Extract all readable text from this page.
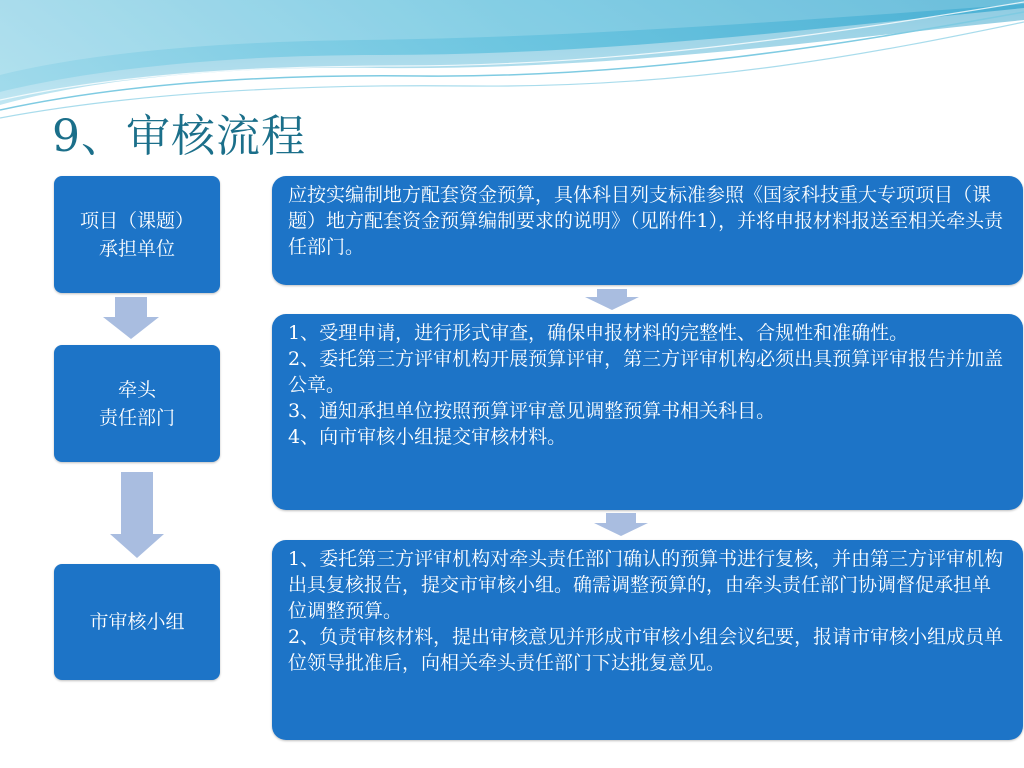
9、审核流程
项目（课题）
承担单位
牵头
责任部门
市审核小组

应按实编制地方配套资金预算，具体科目列支标准参照《国家科技重大专项项目（课题）地方配套资金预算编制要求的说明》（见附件1），并将申报材料报送至相关牵头责任部门。

1、受理申请，进行形式审查，确保申报材料的完整性、合规性和准确性。

2、委托第三方评审机构开展预算评审，第三方评审机构必须出具预算评审报告并加盖公章。

3、通知承担单位按照预算评审意见调整预算书相关科目。

4、向市审核小组提交审核材料。

1、委托第三方评审机构对牵头责任部门确认的预算书进行复核，并由第三方评审机构出具复核报告，提交市审核小组。确需调整预算的，由牵头责任部门协调督促承担单位调整预算。

2、负责审核材料，提出审核意见并形成市审核小组会议纪要，报请市审核小组成员单位领导批准后，向相关牵头责任部门下达批复意见。
